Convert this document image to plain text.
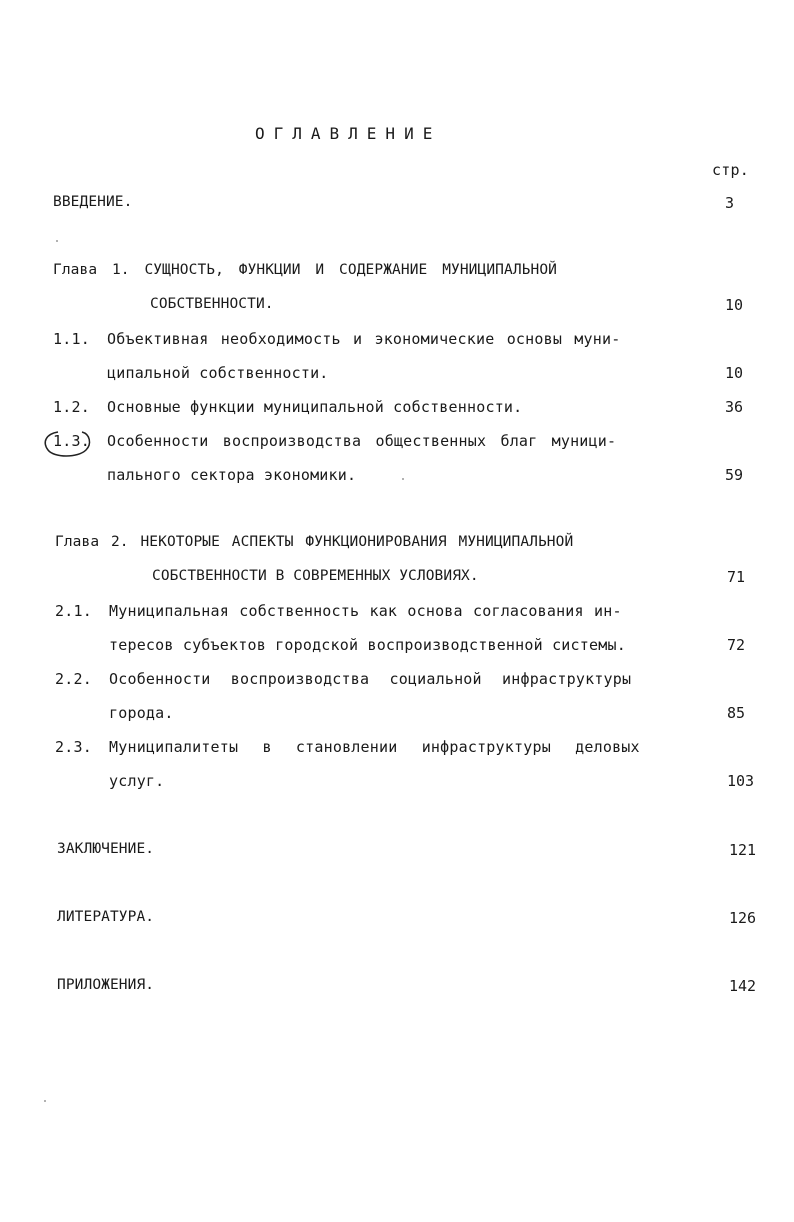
ОГЛАВЛЕНИЕ
стр.
ВВЕДЕНИЕ.	3
Глава 1. СУЩНОСТЬ, ФУНКЦИИ И СОДЕРЖАНИЕ МУНИЦИПАЛЬНОЙ
СОБСТВЕННОСТИ.	10
1.1. Объективная необходимость и экономические основы муни-
ципальной собственности.	10
1.2. Основные функции муниципальной собственности.	36
1.3. Особенности воспроизводства общественных благ муници-
пального сектора экономики.	59
Глава 2. НЕКОТОРЫЕ АСПЕКТЫ ФУНКЦИОНИРОВАНИЯ МУНИЦИПАЛЬНОЙ
СОБСТВЕННОСТИ В СОВРЕМЕННЫХ УСЛОВИЯХ.	71
2.1. Муниципальная собственность как основа согласования ин-
тересов субъектов городской воспроизводственной системы.	72
2.2. Особенности воспроизводства социальной инфраструктуры
города.	85
2.3. Муниципалитеты в становлении инфраструктуры деловых
услуг.	103
ЗАКЛЮЧЕНИЕ.	121
ЛИТЕРАТУРА.	126
ПРИЛОЖЕНИЯ.	142
